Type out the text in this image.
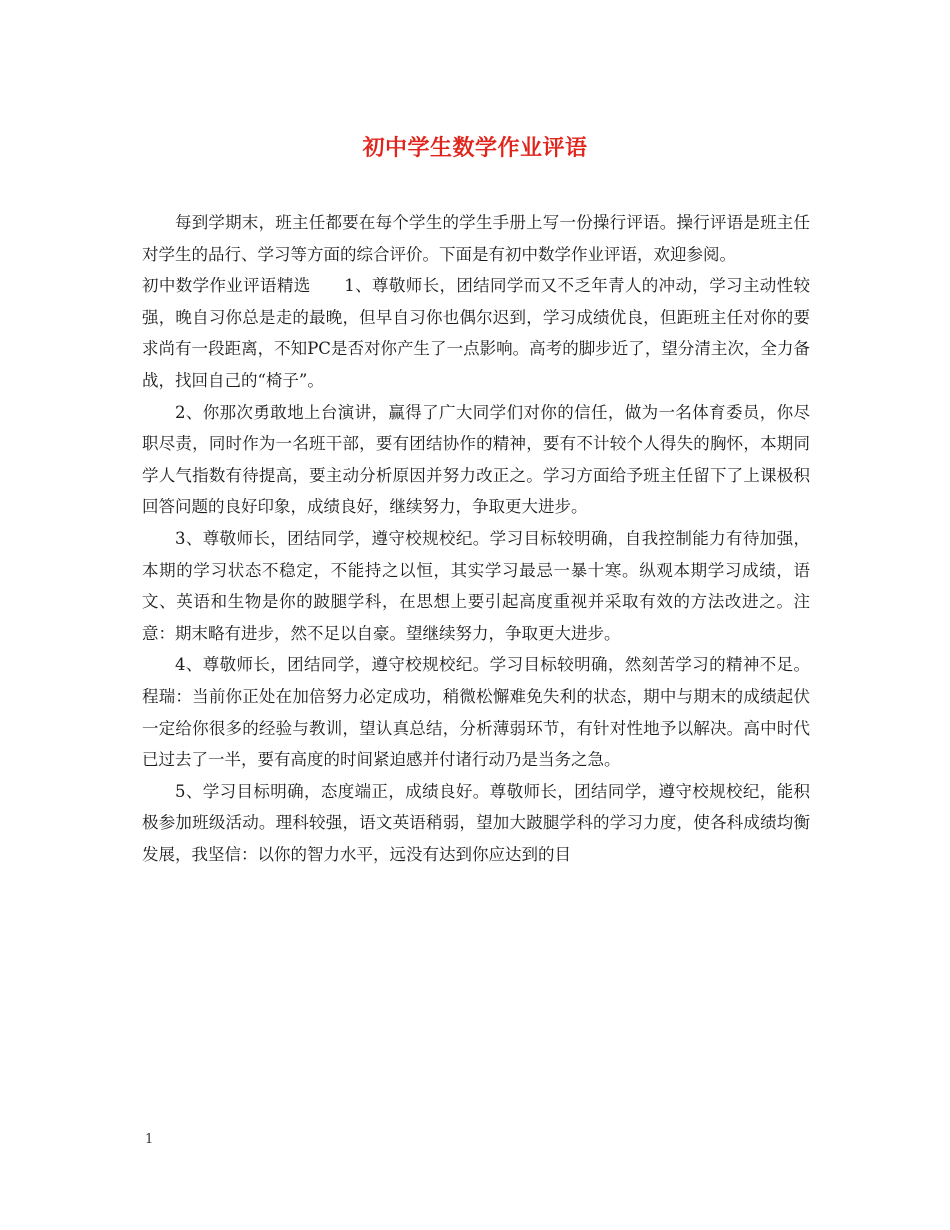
初中学生数学作业评语

每到学期末，班主任都要在每个学生的学生手册上写一份操行评语。操行评语是班主任对学生的品行、学习等方面的综合评价。下面是有初中数学作业评语，欢迎参阅。

初中数学作业评语精选　　1、尊敬师长，团结同学而又不乏年青人的冲动，学习主动性较强，晚自习你总是走的最晚，但早自习你也偶尔迟到，学习成绩优良，但距班主任对你的要求尚有一段距离，不知PC是否对你产生了一点影响。高考的脚步近了，望分清主次，全力备战，找回自己的“椅子”。

2、你那次勇敢地上台演讲，赢得了广大同学们对你的信任，做为一名体育委员，你尽职尽责，同时作为一名班干部，要有团结协作的精神，要有不计较个人得失的胸怀，本期同学人气指数有待提高，要主动分析原因并努力改正之。学习方面给予班主任留下了上课极积回答问题的良好印象，成绩良好，继续努力，争取更大进步。

3、尊敬师长，团结同学，遵守校规校纪。学习目标较明确，自我控制能力有待加强，本期的学习状态不稳定，不能持之以恒，其实学习最忌一暴十寒。纵观本期学习成绩，语文、英语和生物是你的跛腿学科，在思想上要引起高度重视并采取有效的方法改进之。注意：期末略有进步，然不足以自豪。望继续努力，争取更大进步。

4、尊敬师长，团结同学，遵守校规校纪。学习目标较明确，然刻苦学习的精神不足。程瑞：当前你正处在加倍努力必定成功，稍微松懈难免失利的状态，期中与期末的成绩起伏一定给你很多的经验与教训，望认真总结，分析薄弱环节，有针对性地予以解决。高中时代已过去了一半，要有高度的时间紧迫感并付诸行动乃是当务之急。

5、学习目标明确，态度端正，成绩良好。尊敬师长，团结同学，遵守校规校纪，能积极参加班级活动。理科较强，语文英语稍弱，望加大跛腿学科的学习力度，使各科成绩均衡发展，我坚信：以你的智力水平，远没有达到你应达到的目

1
